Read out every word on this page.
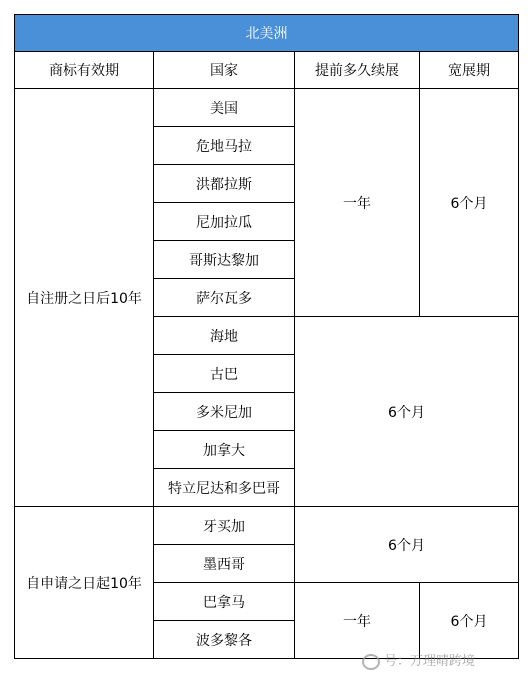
北美洲			
商标有效期	国家	提前多久续展	宽展期
自注册之日后10年	美国	一年	6个月
	危地马拉		
	洪都拉斯		
	尼加拉瓜		
	哥斯达黎加		
	萨尔瓦多		
	海地	6个月	
	古巴		
	多米尼加		
	加拿大		
	特立尼达和多巴哥		
自申请之日起10年	牙买加	6个月	
	墨西哥		
	巴拿马	一年	6个月
	波多黎各		
号：万理晴跨境
